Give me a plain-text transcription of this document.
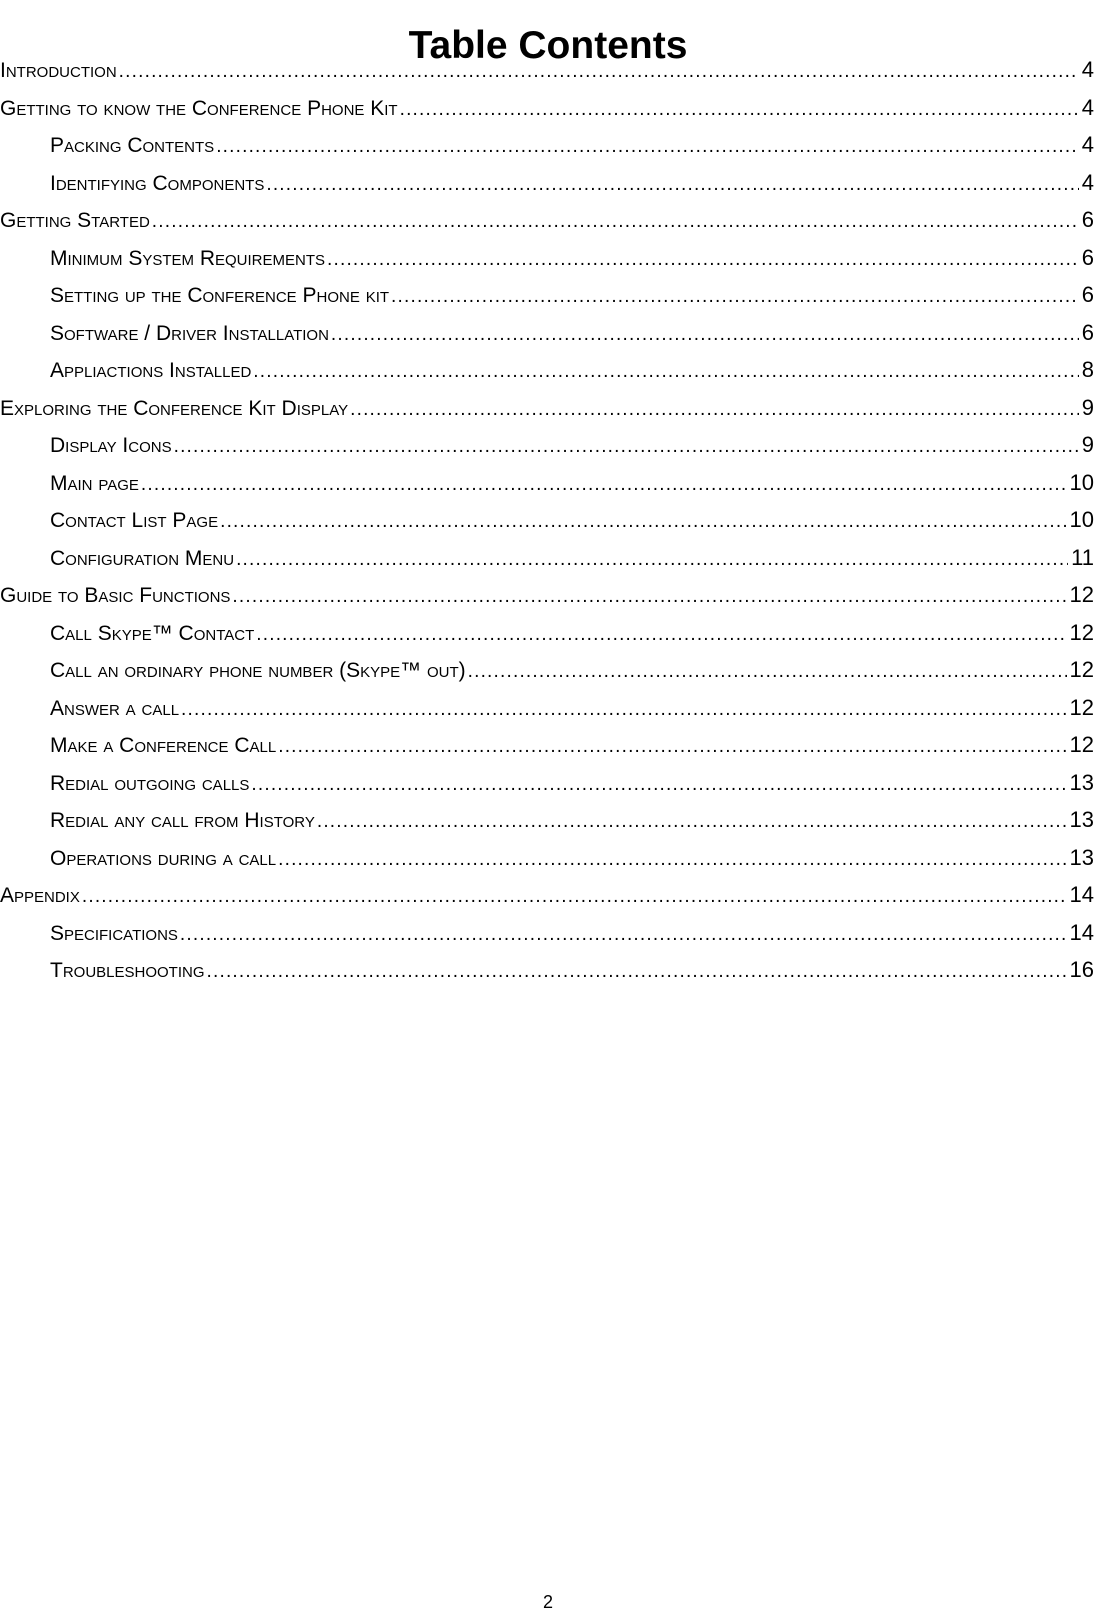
Table Contents
Introduction .....	4
Getting to know the Conference Phone Kit .....	4
Packing Contents .....	4
Identifying Components .....	4
Getting Started .....	6
Minimum System Requirements .....	6
Setting up the Conference Phone kit .....	6
Software / Driver Installation .....	6
Appliactions Installed .....	8
Exploring the Conference Kit Display .....	9
Display Icons .....	9
Main page .....	10
Contact List Page .....	10
Configuration Menu .....	11
Guide to Basic Functions .....	12
Call Skype™ Contact .....	12
Call an ordinary phone number (Skype™ out) .....	12
Answer a call .....	12
Make a Conference Call .....	12
Redial outgoing calls .....	13
Redial any call from History .....	13
Operations during a call .....	13
Appendix .....	14
Specifications .....	14
Troubleshooting .....	16
2
